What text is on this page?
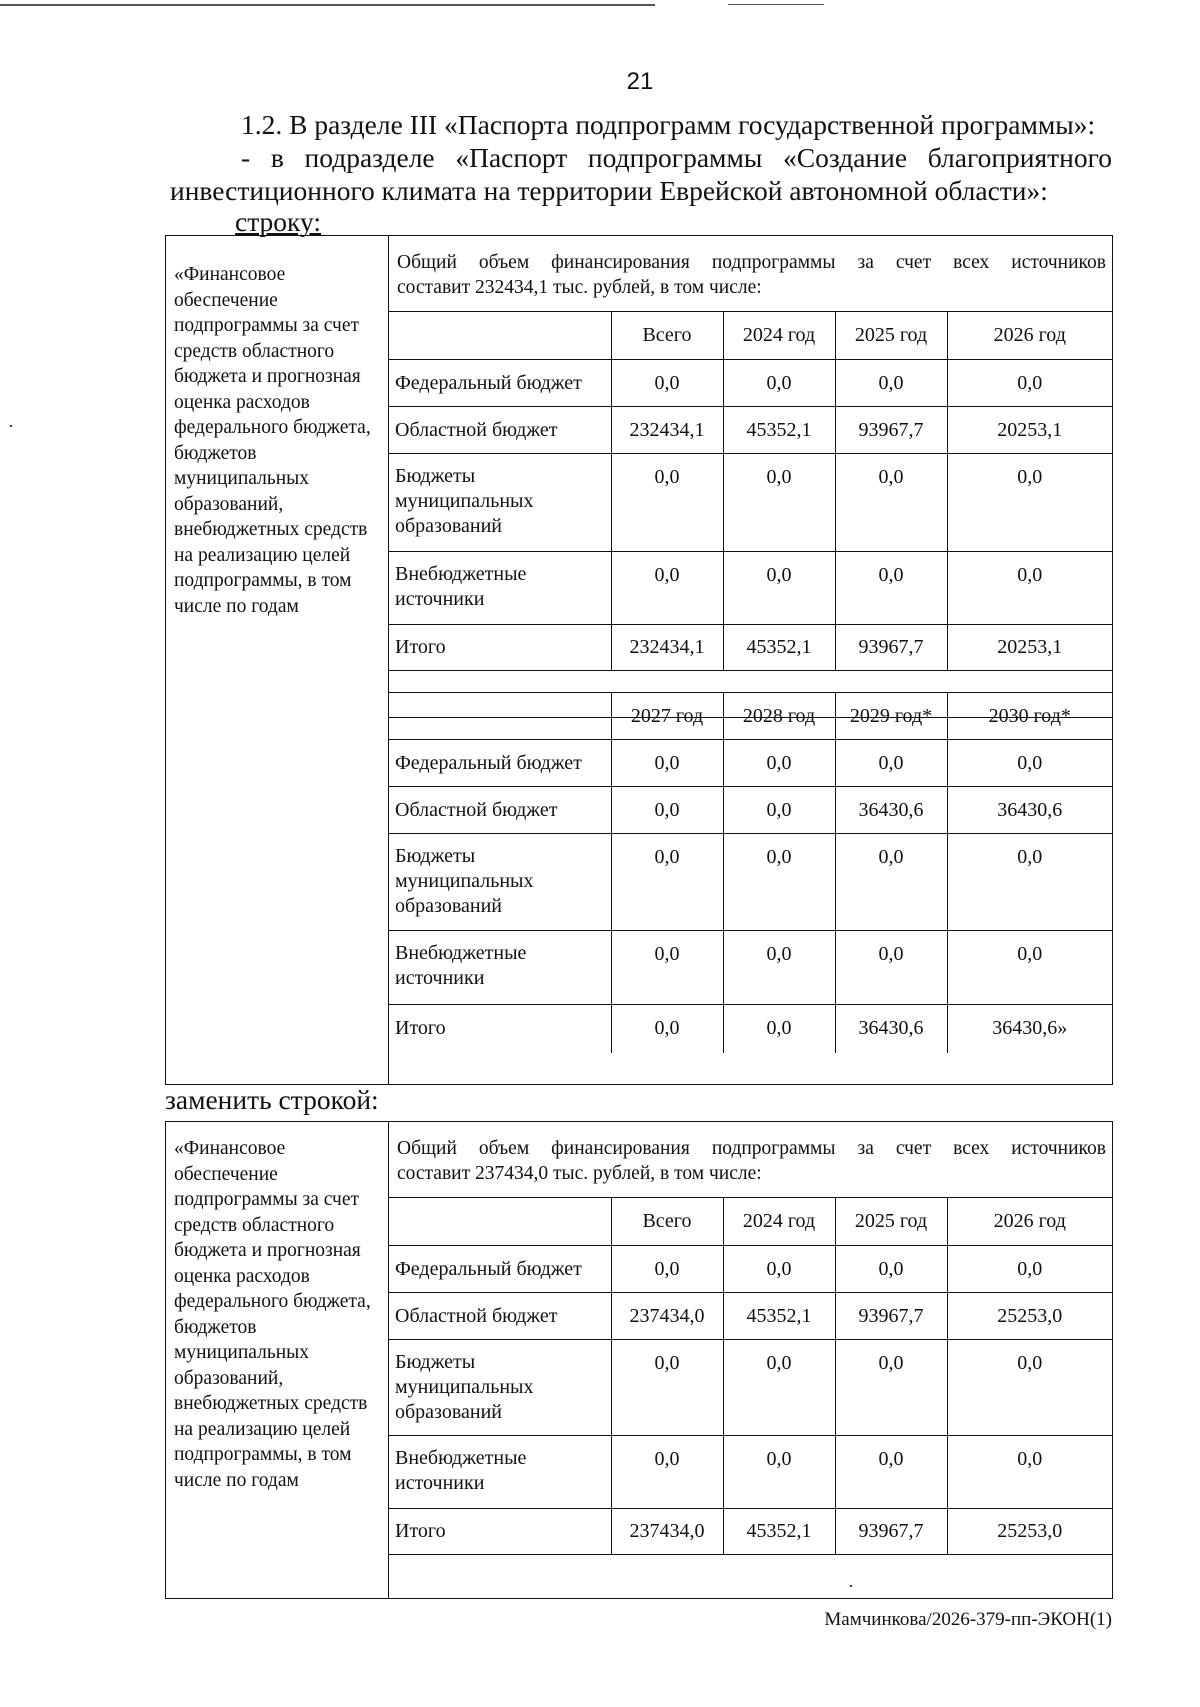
21
1.2. В разделе III «Паспорта подпрограмм государственной программы»:
- в подразделе «Паспорт подпрограммы «Создание благоприятного
инвестиционного климата на территории Еврейской автономной области»:
строку:
«Финансовое обеспечение подпрограммы за счет средств областного бюджета и прогнозная оценка расходов федерального бюджета, бюджетов муниципальных образований, внебюджетных средств на реализацию целей подпрограммы, в том числе по годам
Общий объем финансирования подпрограммы за счет всех источников
составит 232434,1 тыс. рублей, в том числе:
	Всего	2024 год	2025 год	2026 год
Федеральный бюджет	0,0	0,0	0,0	0,0
Областной бюджет	232434,1	45352,1	93967,7	20253,1
Бюджеты муниципальных образований	0,0	0,0	0,0	0,0
Внебюджетные источники	0,0	0,0	0,0	0,0
Итого	232434,1	45352,1	93967,7	20253,1

	2027 год	2028 год	2029 год*	2030 год*
Федеральный бюджет	0,0	0,0	0,0	0,0
Областной бюджет	0,0	0,0	36430,6	36430,6
Бюджеты муниципальных образований	0,0	0,0	0,0	0,0
Внебюджетные источники	0,0	0,0	0,0	0,0
Итого	0,0	0,0	36430,6	36430,6»
заменить строкой:
«Финансовое обеспечение подпрограммы за счет средств областного бюджета и прогнозная оценка расходов федерального бюджета, бюджетов муниципальных образований, внебюджетных средств на реализацию целей подпрограммы, в том числе по годам
Общий объем финансирования подпрограммы за счет всех источников
составит 237434,0 тыс. рублей, в том числе:
	Всего	2024 год	2025 год	2026 год
Федеральный бюджет	0,0	0,0	0,0	0,0
Областной бюджет	237434,0	45352,1	93967,7	25253,0
Бюджеты муниципальных образований	0,0	0,0	0,0	0,0
Внебюджетные источники	0,0	0,0	0,0	0,0
Итого	237434,0	45352,1	93967,7	25253,0

Мамчинкова/2026-379-пп-ЭКОН(1)
